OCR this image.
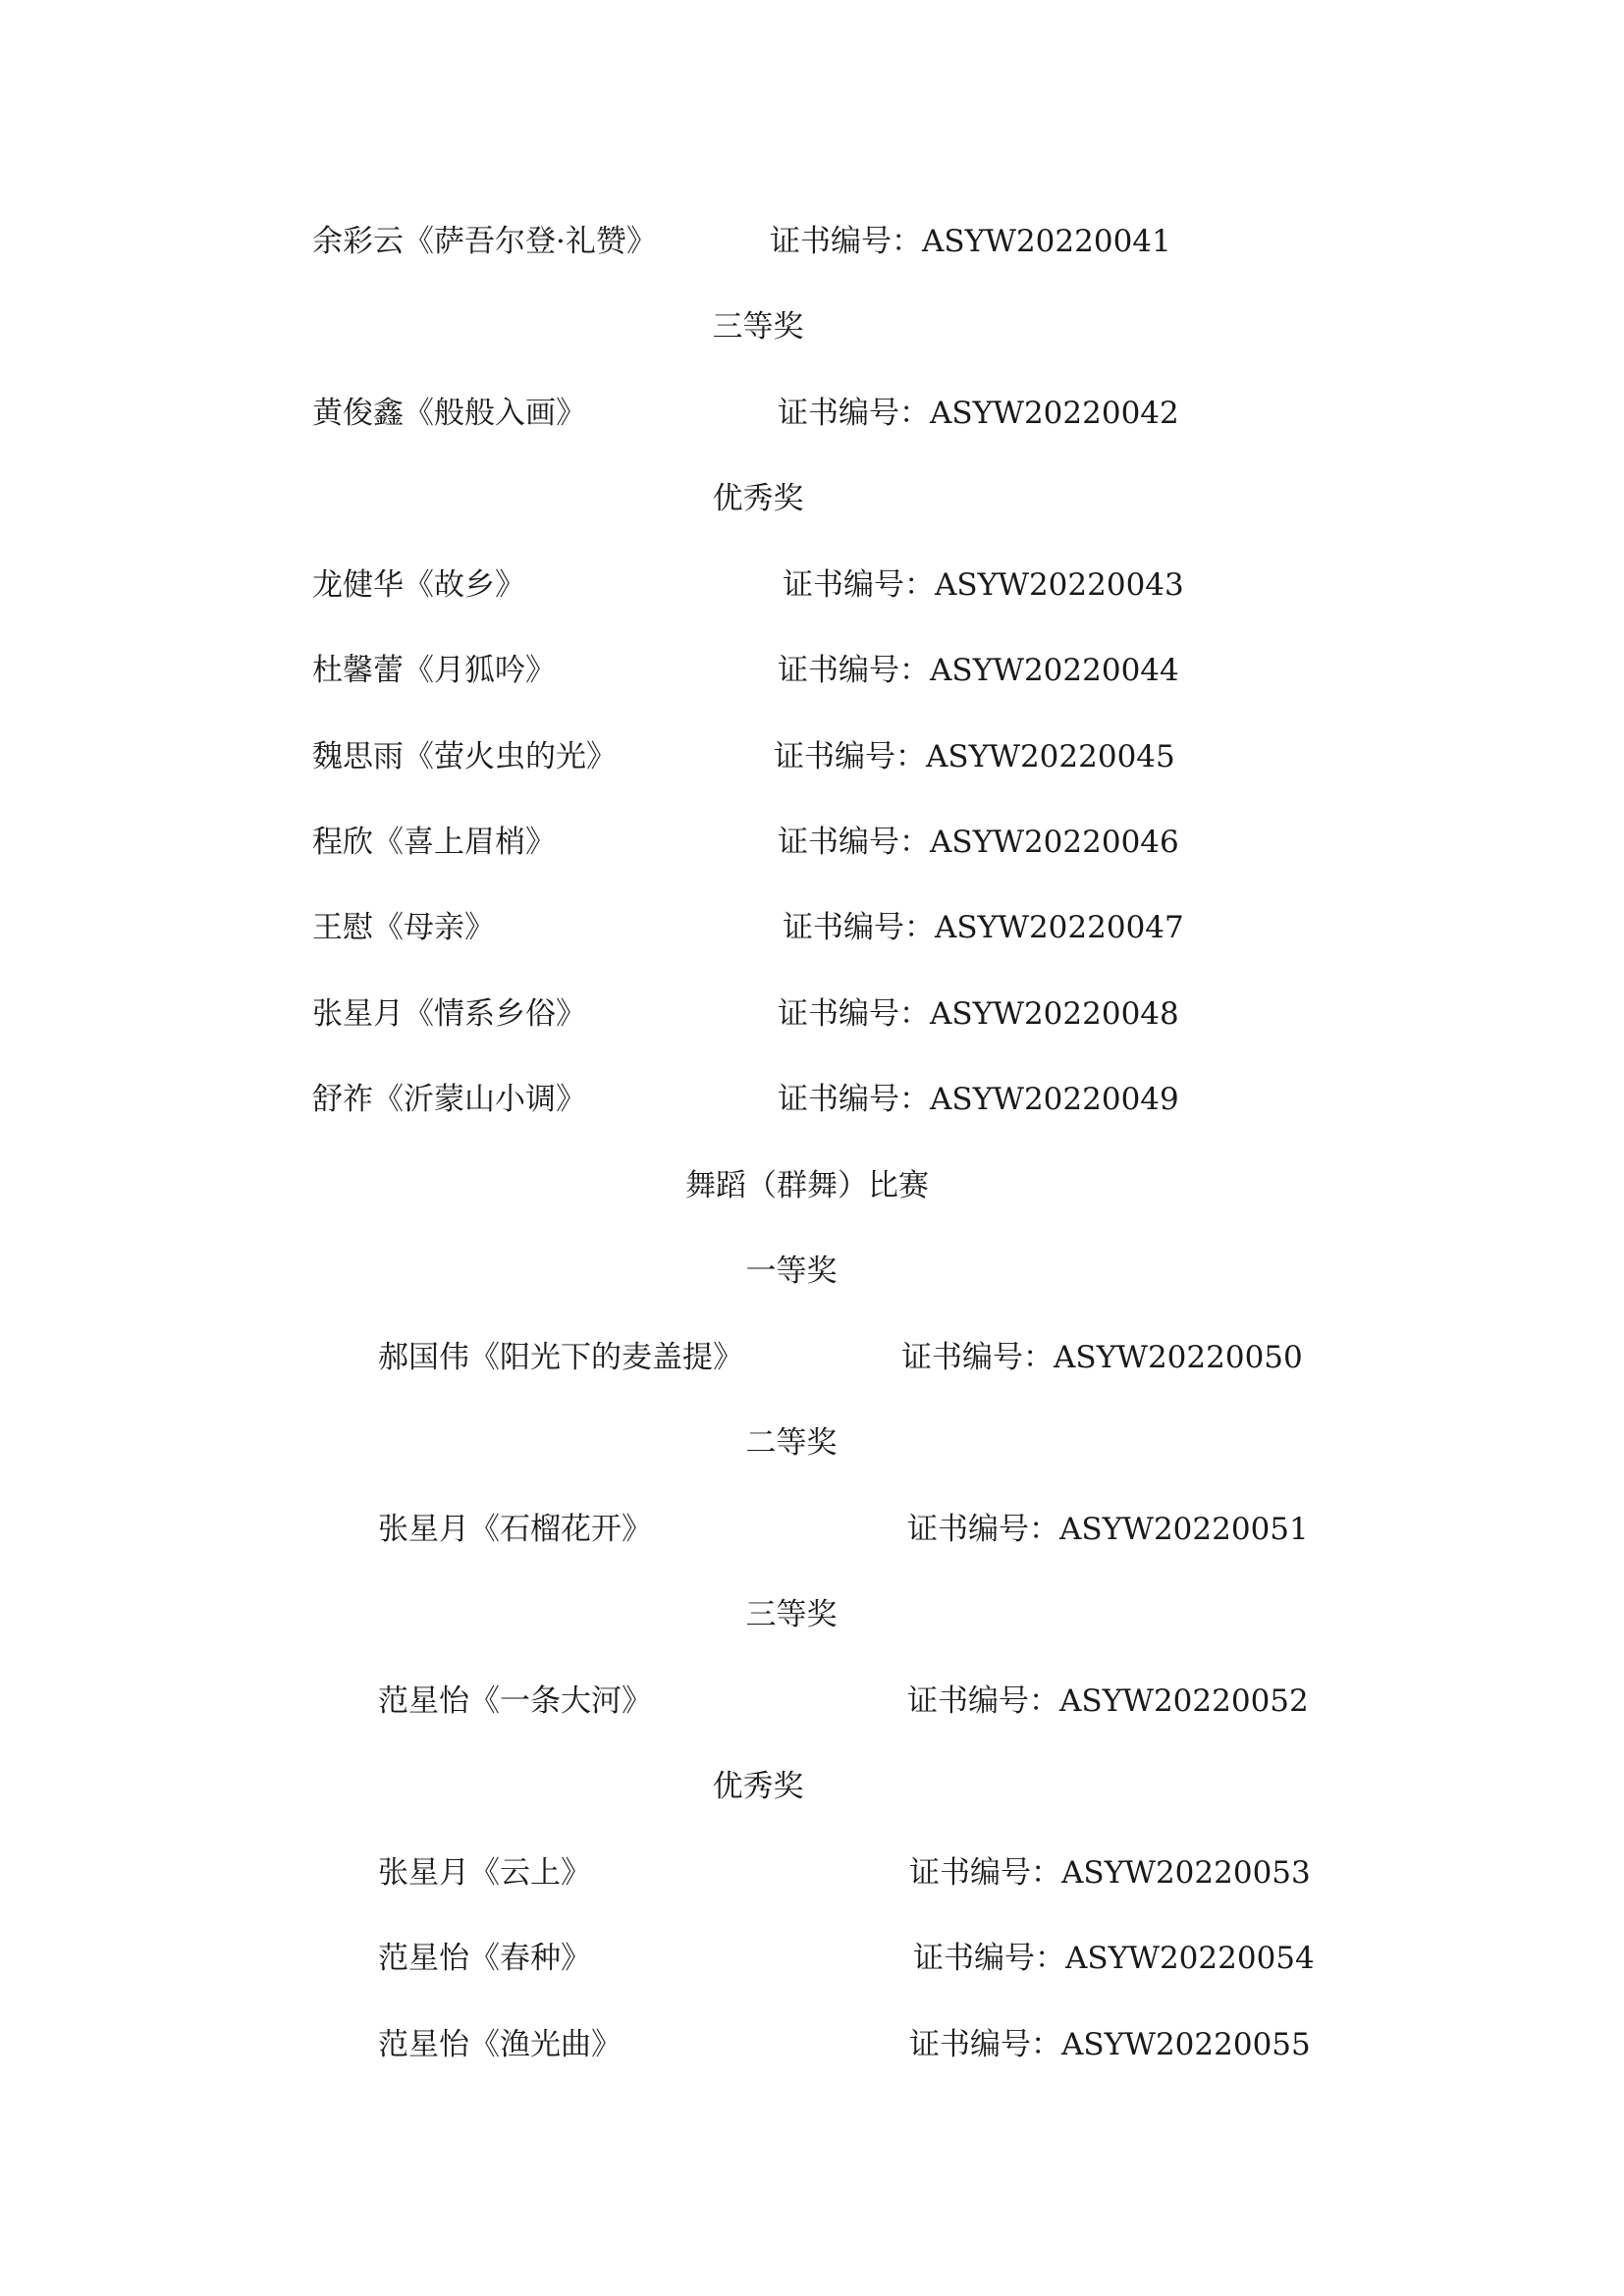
余彩云《萨吾尔登·礼赞》	证书编号：ASYW20220041
三等奖
黄俊鑫《般般入画》	证书编号：ASYW20220042
优秀奖
龙健华《故乡》	证书编号：ASYW20220043
杜馨蕾《月狐吟》	证书编号：ASYW20220044
魏思雨《萤火虫的光》	证书编号：ASYW20220045
程欣《喜上眉梢》	证书编号：ASYW20220046
王慰《母亲》	证书编号：ASYW20220047
张星月《情系乡俗》	证书编号：ASYW20220048
舒祚《沂蒙山小调》	证书编号：ASYW20220049
舞蹈（群舞）比赛
一等奖
郝国伟《阳光下的麦盖提》	证书编号：ASYW20220050
二等奖
张星月《石榴花开》	证书编号：ASYW20220051
三等奖
范星怡《一条大河》	证书编号：ASYW20220052
优秀奖
张星月《云上》	证书编号：ASYW20220053
范星怡《春种》	证书编号：ASYW20220054
范星怡《渔光曲》	证书编号：ASYW20220055
